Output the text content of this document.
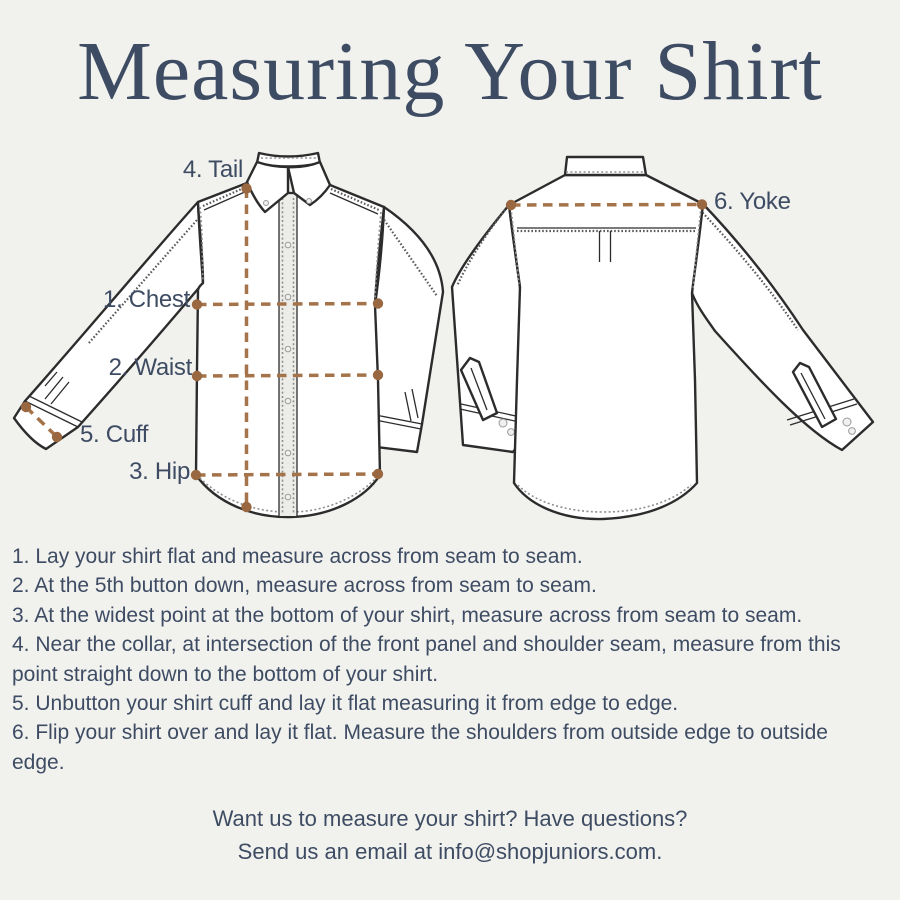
Measuring Your Shirt
4. Tail
1. Chest
2. Waist
5. Cuff
3. Hip
6. Yoke

1. Lay your shirt flat and measure across from seam to seam.

2. At the 5th button down, measure across from seam to seam.

3. At the widest point at the bottom of your shirt, measure across from seam to seam.

4. Near the collar, at intersection of the front panel and shoulder seam, measure from this point straight down to the bottom of your shirt.

5. Unbutton your shirt cuff and lay it flat measuring it from edge to edge.

6. Flip your shirt over and lay it flat. Measure the shoulders from outside edge to outside edge.

Want us to measure your shirt? Have questions?

Send us an email at info@shopjuniors.com.
